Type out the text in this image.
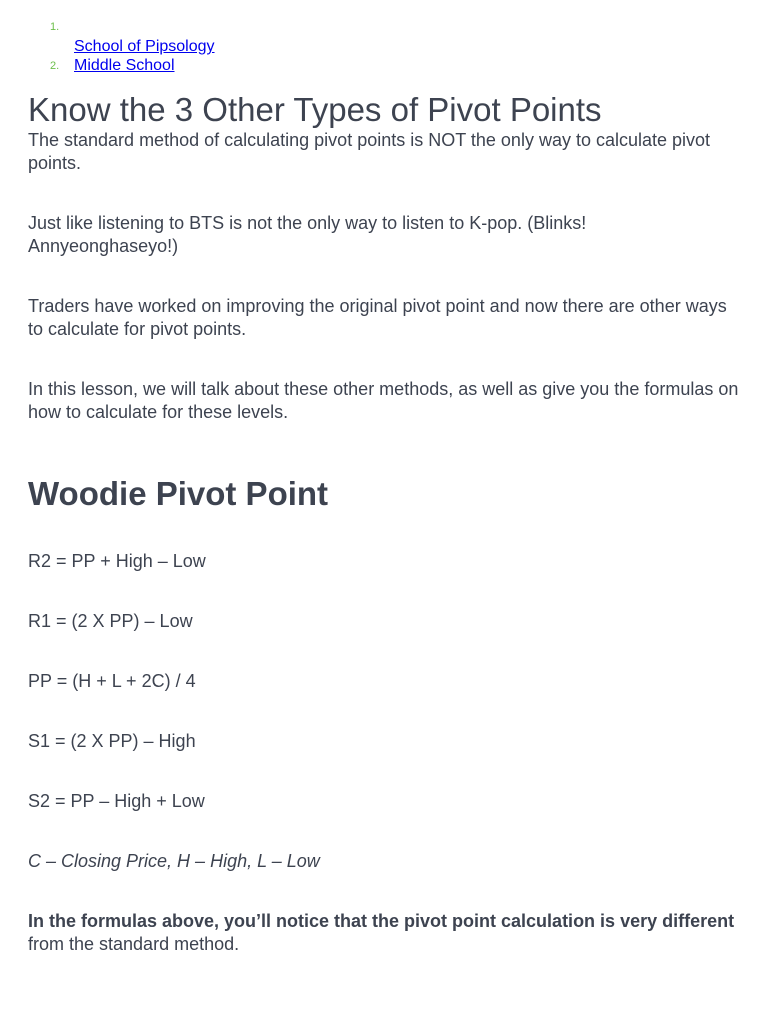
1.
School of Pipsology
2. Middle School
Know the 3 Other Types of Pivot Points

The standard method of calculating pivot points is NOT the only way to calculate pivot points.

Just like listening to BTS is not the only way to listen to K-pop. (Blinks! Annyeonghaseyo!)

Traders have worked on improving the original pivot point and now there are other ways to calculate for pivot points.

In this lesson, we will talk about these other methods, as well as give you the formulas on how to calculate for these levels.

Woodie Pivot Point

R2 = PP + High – Low

R1 = (2 X PP) – Low

PP = (H + L + 2C) / 4

S1 = (2 X PP) – High

S2 = PP – High + Low

C – Closing Price, H – High, L – Low

In the formulas above, you’ll notice that the pivot point calculation is very different from the standard method.
